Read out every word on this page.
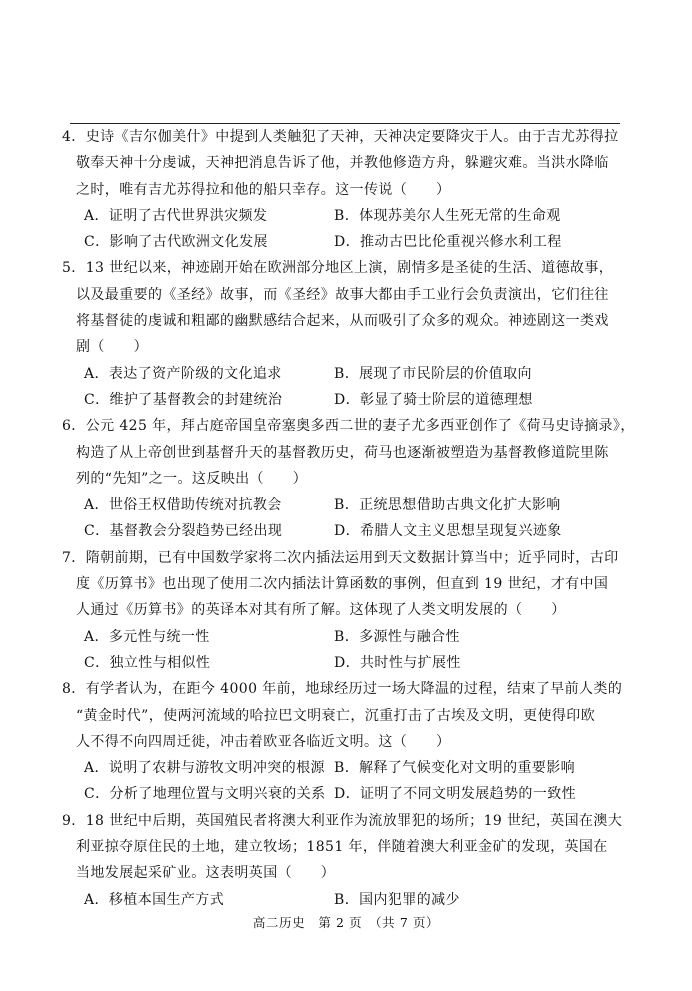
4．史诗《吉尔伽美什》中提到人类触犯了天神，天神决定要降灾于人。由于吉尤苏得拉
敬奉天神十分虔诚，天神把消息告诉了他，并教他修造方舟，躲避灾难。当洪水降临
之时，唯有吉尤苏得拉和他的船只幸存。这一传说（　　）
A．证明了古代世界洪灾频发	B．体现苏美尔人生死无常的生命观
C．影响了古代欧洲文化发展	D．推动古巴比伦重视兴修水利工程
5．13 世纪以来，神迹剧开始在欧洲部分地区上演，剧情多是圣徒的生活、道德故事，
以及最重要的《圣经》故事，而《圣经》故事大都由手工业行会负责演出，它们往往
将基督徒的虔诚和粗鄙的幽默感结合起来，从而吸引了众多的观众。神迹剧这一类戏
剧（　　）
A．表达了资产阶级的文化追求	B．展现了市民阶层的价值取向
C．维护了基督教会的封建统治	D．彰显了骑士阶层的道德理想
6．公元 425 年，拜占庭帝国皇帝塞奥多西二世的妻子尤多西亚创作了《荷马史诗摘录》，
构造了从上帝创世到基督升天的基督教历史，荷马也逐渐被塑造为基督教修道院里陈
列的“先知”之一。这反映出（　　）
A．世俗王权借助传统对抗教会	B．正统思想借助古典文化扩大影响
C．基督教会分裂趋势已经出现	D．希腊人文主义思想呈现复兴迹象
7．隋朝前期，已有中国数学家将二次内插法运用到天文数据计算当中；近乎同时，古印
度《历算书》也出现了使用二次内插法计算函数的事例，但直到 19 世纪，才有中国
人通过《历算书》的英译本对其有所了解。这体现了人类文明发展的（　　）
A．多元性与统一性	B．多源性与融合性
C．独立性与相似性	D．共时性与扩展性
8．有学者认为，在距今 4000 年前，地球经历过一场大降温的过程，结束了早前人类的
“黄金时代”，使两河流域的哈拉巴文明衰亡，沉重打击了古埃及文明，更使得印欧
人不得不向四周迁徙，冲击着欧亚各临近文明。这（　　）
A．说明了农耕与游牧文明冲突的根源 B．解释了气候变化对文明的重要影响
C．分析了地理位置与文明兴衰的关系 D．证明了不同文明发展趋势的一致性
9．18 世纪中后期，英国殖民者将澳大利亚作为流放罪犯的场所；19 世纪，英国在澳大
利亚掠夺原住民的土地，建立牧场；1851 年，伴随着澳大利亚金矿的发现，英国在
当地发展起采矿业。这表明英国（　　）
A．移植本国生产方式	B．国内犯罪的减少
高二历史　第 2 页　（共 7 页）
